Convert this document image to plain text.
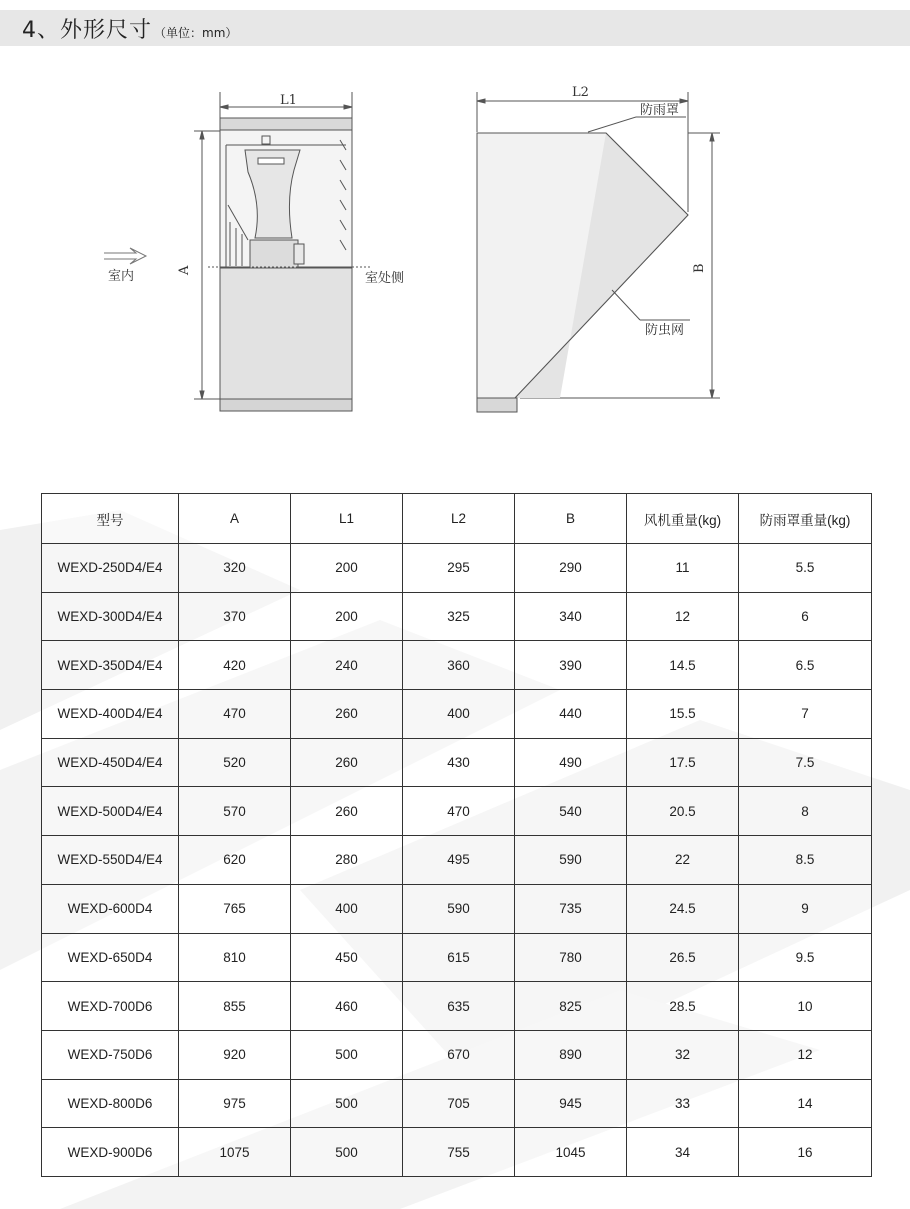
4、外形尺寸 （单位：mm）
L1
A
室内	室处侧
L2
B
防雨罩
防虫网
型号	A	L1	L2	B	风机重量(kg)	防雨罩重量(kg)
WEXD-250D4/E4	320	200	295	290	11	5.5
WEXD-300D4/E4	370	200	325	340	12	6
WEXD-350D4/E4	420	240	360	390	14.5	6.5
WEXD-400D4/E4	470	260	400	440	15.5	7
WEXD-450D4/E4	520	260	430	490	17.5	7.5
WEXD-500D4/E4	570	260	470	540	20.5	8
WEXD-550D4/E4	620	280	495	590	22	8.5
WEXD-600D4	765	400	590	735	24.5	9
WEXD-650D4	810	450	615	780	26.5	9.5
WEXD-700D6	855	460	635	825	28.5	10
WEXD-750D6	920	500	670	890	32	12
WEXD-800D6	975	500	705	945	33	14
WEXD-900D6	1075	500	755	1045	34	16
